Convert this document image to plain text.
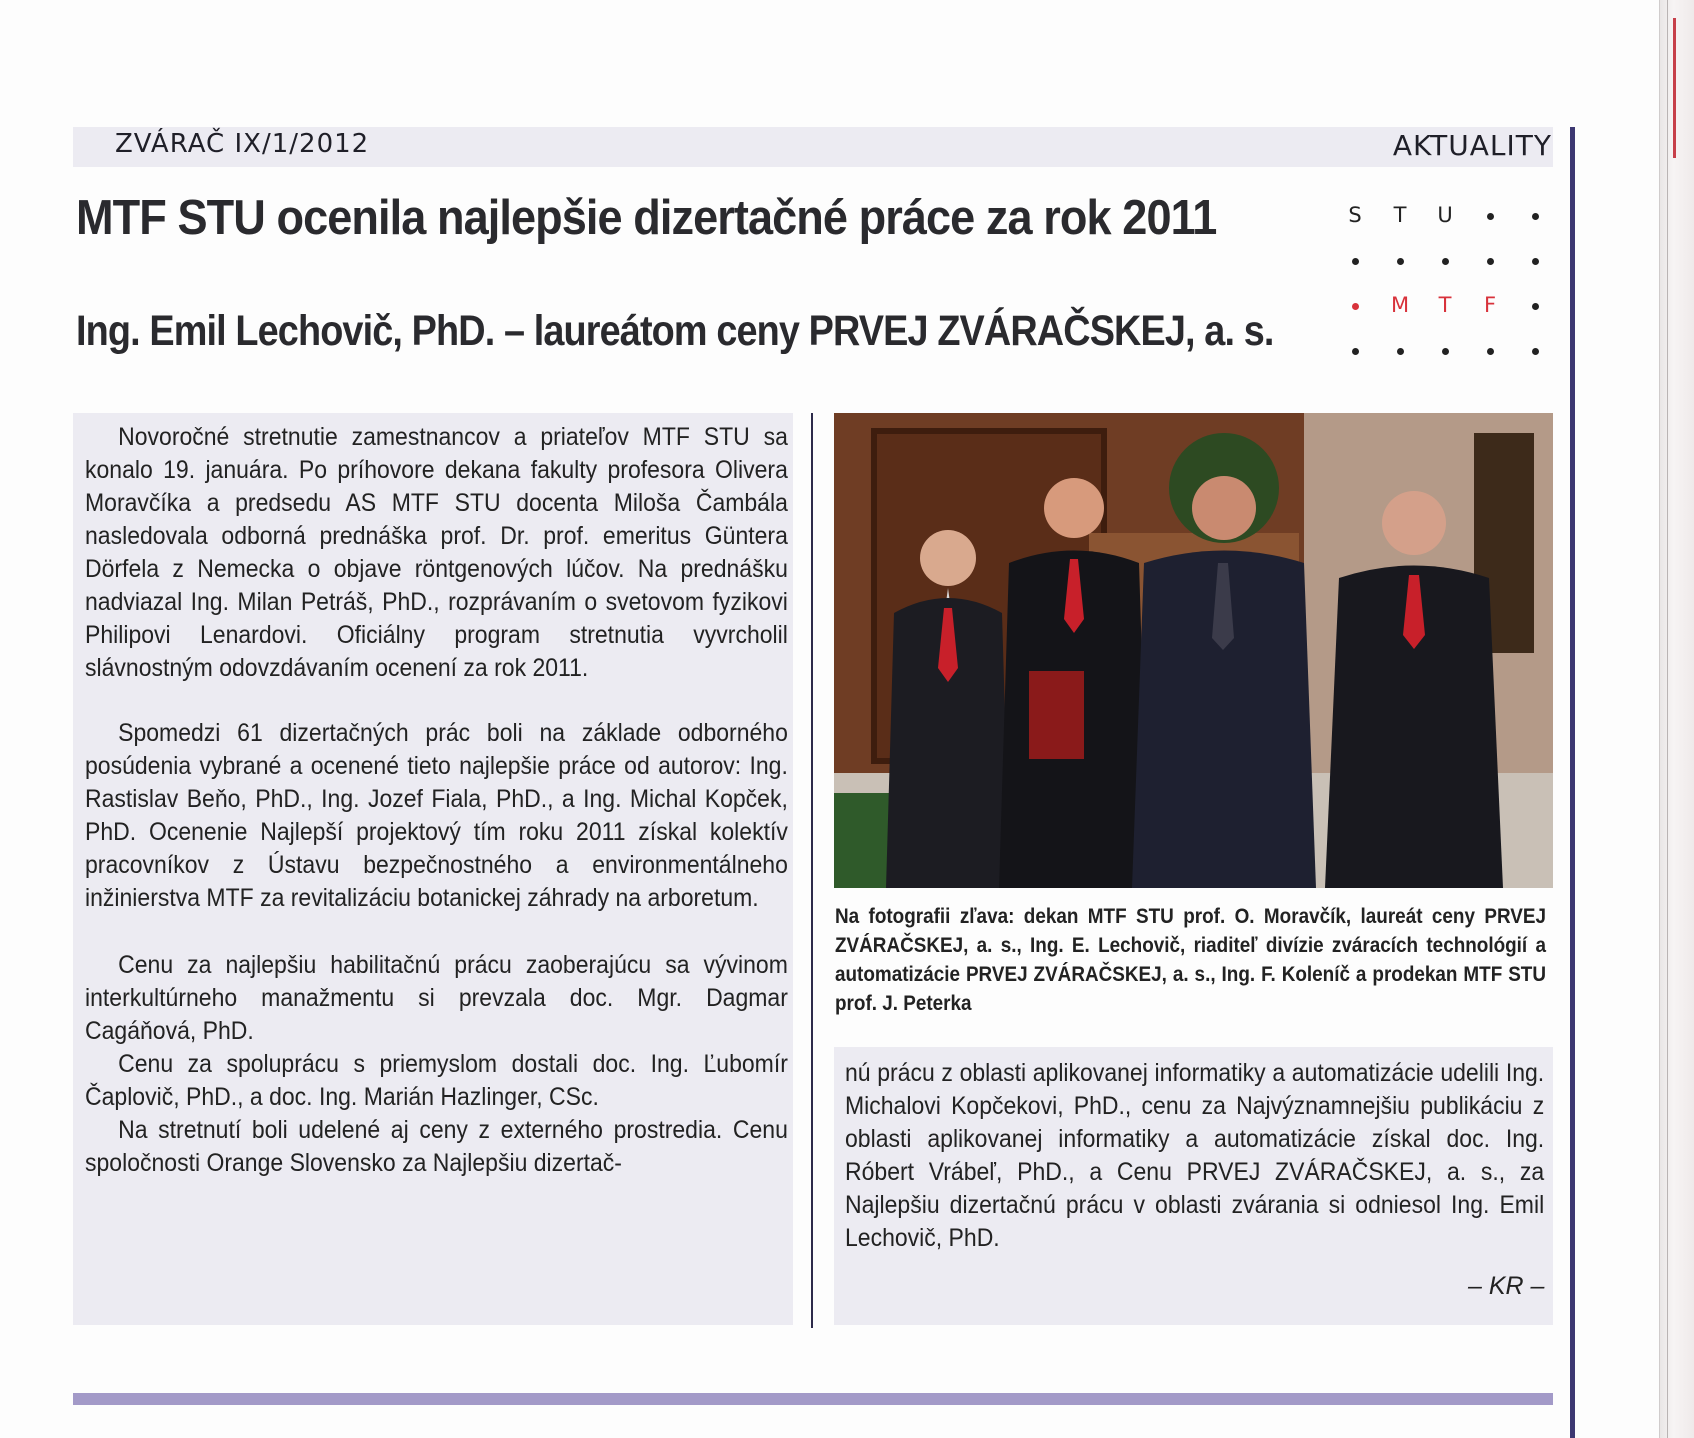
ZVÁRAČ IX/1/2012	AKTUALITY
MTF STU ocenila najlepšie dizertačné práce za rok 2011
Ing. Emil Lechovič, PhD. – laureátom ceny PRVEJ ZVÁRAČSKEJ, a. s.
S	T	U
M	T	F

Novoročné stretnutie zamestnancov a priateľov MTF STU sa konalo 19. januára. Po príhovore dekana fakulty profesora Olivera Moravčíka a predsedu AS MTF STU docenta Miloša Čambála nasledovala odborná prednáška prof. Dr. prof. emeritus Güntera Dörfela z Nemecka o objave röntgenových lúčov. Na prednášku nadviazal Ing. Milan Petráš, PhD., rozprávaním o svetovom fyzikovi Philipovi Lenardovi. Oficiálny program stretnutia vyvrcholil slávnostným odovzdávaním ocenení za rok 2011.

Spomedzi 61 dizertačných prác boli na základe odborného posúdenia vybrané a ocenené tieto najlepšie práce od autorov: Ing. Rastislav Beňo, PhD., Ing. Jozef Fiala, PhD., a Ing. Michal Kopček, PhD. Ocenenie Najlepší projektový tím roku 2011 získal kolektív pracovníkov z Ústavu bezpečnostného a environmentálneho inžinierstva MTF za revitalizáciu botanickej záhrady na arboretum.

Cenu za najlepšiu habilitačnú prácu zaoberajúcu sa vývinom interkultúrneho manažmentu si prevzala doc. Mgr. Dagmar Cagáňová, PhD.

Cenu za spoluprácu s priemyslom dostali doc. Ing. Ľubomír Čaplovič, PhD., a doc. Ing. Marián Hazlinger, CSc.

Na stretnutí boli udelené aj ceny z externého prostredia. Cenu spoločnosti Orange Slovensko za Najlepšiu dizertač-

Na fotografii zľava: dekan MTF STU prof. O. Moravčík, laureát ceny PRVEJ ZVÁRAČSKEJ, a. s., Ing. E. Lechovič, riaditeľ divízie zváracích technológií a automatizácie PRVEJ ZVÁRAČSKEJ, a. s., Ing. F. Koleníč a prodekan MTF STU prof. J. Peterka

nú prácu z oblasti aplikovanej informatiky a automatizácie udelili Ing. Michalovi Kopčekovi, PhD., cenu za Najvýznamnejšiu publikáciu z oblasti aplikovanej informatiky a automatizácie získal doc. Ing. Róbert Vrábeľ, PhD., a Cenu PRVEJ ZVÁRAČSKEJ, a. s., za Najlepšiu dizertačnú prácu v oblasti zvárania si odniesol Ing. Emil Lechovič, PhD.

– KR –
